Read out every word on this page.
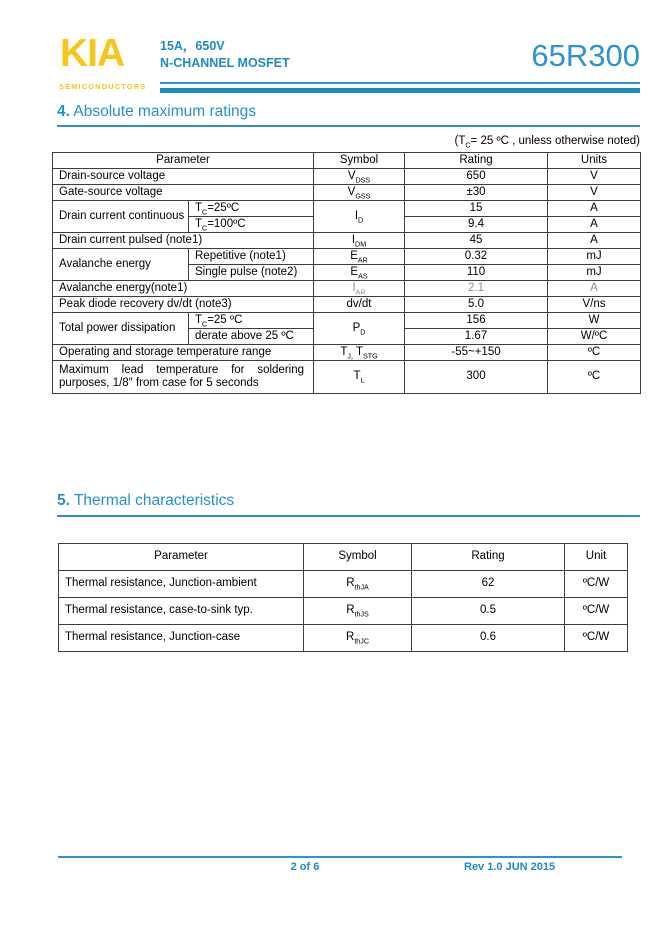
KIA
SEMICONDUCTORS
15A，650V
N-CHANNEL MOSFET	65R300
4. Absolute maximum ratings
($T_C= 25$ ºC , unless otherwise noted)
Parameter		Symbol	Rating	Units
Drain-source voltage		$V_{DSS}$	650	V
Gate-source voltage		$V_{GSS}$	±30	V
Drain current continuous	$T_C=25ºC$	$I_D$	15	A
	$T_C=100ºC$		9.4	A
Drain current pulsed (note1)		$I_{DM}$	45	A
Avalanche energy	Repetitive (note1)	$E_{AR}$	0.32	mJ
	Single pulse (note2)	$E_{AS}$	110	mJ
Avalanche energy(note1)		$I_{AR}$	2.1	A
Peak diode recovery dv/dt (note3)		dv/dt	5.0	V/ns
Total power dissipation	$T_C=25$ ºC	$P_D$	156	W
	derate above 25 ºC		1.67	W/ºC
Operating and storage temperature range		$T_{J,}$ $T_{STG}$	-55~+150	ºC
Maximum lead temperature for soldering purposes, 1/8″ from case for 5 seconds		$T_L$	300	ºC
5. Thermal characteristics
Parameter	Symbol	Rating	Unit
Thermal resistance, Junction-ambient	$R_{thJA}$	62	ºC/W
Thermal resistance, case-to-sink typ.	$R_{thJS}$	0.5	ºC/W
Thermal resistance, Junction-case	$R_{thJC}$	0.6	ºC/W
2 of 6	Rev 1.0 JUN 2015
